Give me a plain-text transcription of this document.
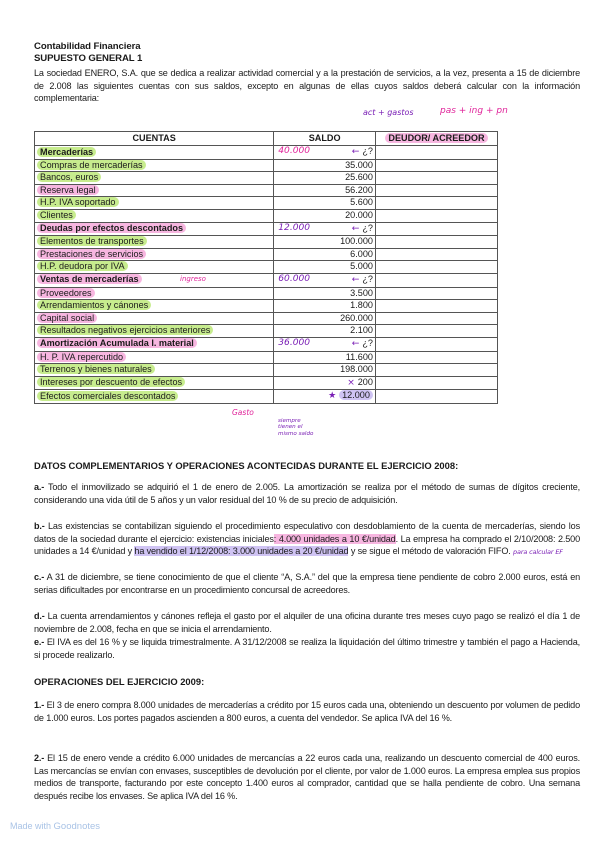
Contabilidad Financiera
SUPUESTO GENERAL 1
La sociedad ENERO, S.A. que se dedica a realizar actividad comercial y a la prestación de servicios, a la vez, presenta a 15 de diciembre de 2.008 las siguientes cuentas con sus saldos, excepto en algunas de ellas cuyos saldos deberá calcular con la información complementaria:
act + gastos	pas + ing + pn
CUENTAS	SALDO	DEUDOR/ ACREEDOR
Mercaderías	40.000 ← ¿?	
Compras de mercaderías	35.000	
Bancos, euros	25.600	
Reserva legal	56.200	
H.P. IVA soportado	5.600	
Clientes	20.000	
Deudas por efectos descontados	12.000 ← ¿?	
Elementos de transportes	100.000	
Prestaciones de servicios	6.000	
H.P. deudora por IVA	5.000	
Ventas de mercaderías	60.000 ← ¿?	
Proveedores	3.500	
Arrendamientos y cánones	1.800	
Capital social	260.000	
Resultados negativos ejercicios anteriores	2.100	
Amortización Acumulada I. material	36.000 ← ¿?	
H. P. IVA repercutido	11.600	
Terrenos y bienes naturales	198.000	
Intereses por descuento de efectos	× 200	
Efectos comerciales descontados	★ 12.000	
ingreso
Gasto
siempre tienen el mismo saldo
DATOS COMPLEMENTARIOS Y OPERACIONES ACONTECIDAS DURANTE EL EJERCICIO 2008:
a.- Todo el inmovilizado se adquirió el 1 de enero de 2.005. La amortización se realiza por el método de sumas de dígitos creciente, considerando una vida útil de 5 años y un valor residual del 10 % de su precio de adquisición.
b.- Las existencias se contabilizan siguiendo el procedimiento especulativo con desdoblamiento de la cuenta de mercaderías, siendo los datos de la sociedad durante el ejercicio: existencias iniciales: 4.000 unidades a 10 €/unidad. La empresa ha comprado el 2/10/2008: 2.500 unidades a 14 €/unidad y ha vendido el 1/12/2008: 3.000 unidades a 20 €/unidad y se sigue el método de valoración FIFO. para calcular EF
c.- A 31 de diciembre, se tiene conocimiento de que el cliente “A, S.A.” del que la empresa tiene pendiente de cobro 2.000 euros, está en serias dificultades por encontrarse en un procedimiento concursal de acreedores.
d.- La cuenta arrendamientos y cánones refleja el gasto por el alquiler de una oficina durante tres meses cuyo pago se realizó el día 1 de noviembre de 2.008, fecha en que se inicia el arrendamiento.
e.- El IVA es del 16 % y se liquida trimestralmente. A 31/12/2008 se realiza la liquidación del último trimestre y también el pago a Hacienda, si procede realizarlo.
OPERACIONES DEL EJERCICIO 2009:
1.- El 3 de enero compra 8.000 unidades de mercaderías a crédito por 15 euros cada una, obteniendo un descuento por volumen de pedido de 1.000 euros. Los portes pagados ascienden a 800 euros, a cuenta del vendedor. Se aplica IVA del 16 %.
2.- El 15 de enero vende a crédito 6.000 unidades de mercancías a 22 euros cada una, realizando un descuento comercial de 400 euros. Las mercancías se envían con envases, susceptibles de devolución por el cliente, por valor de 1.000 euros. La empresa emplea sus propios medios de transporte, facturando por este concepto 1.400 euros al comprador, cantidad que se halla pendiente de cobro. Una semana después recibe los envases. Se aplica IVA del 16 %.
Made with Goodnotes
